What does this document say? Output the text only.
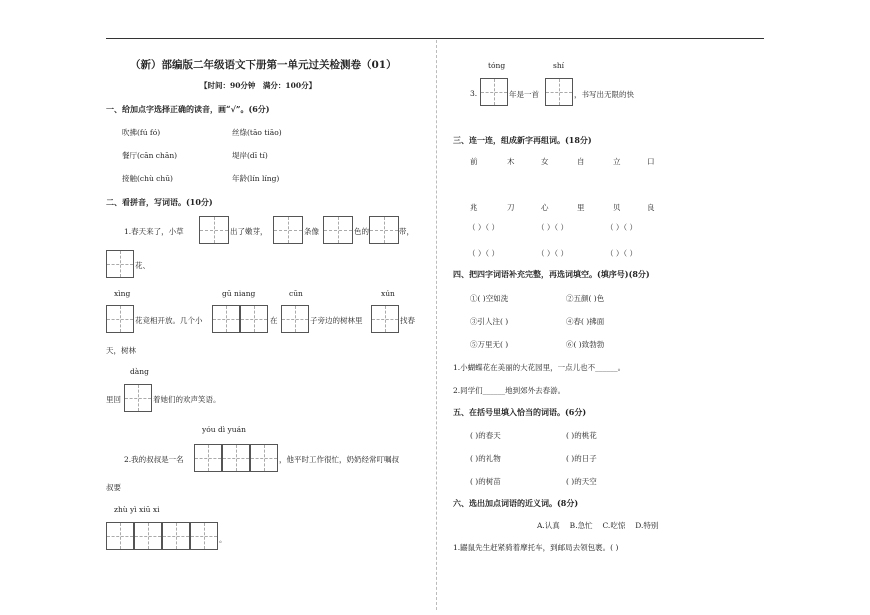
（新）部编版二年级语文下册第一单元过关检测卷（01）
【时间：90分钟　满分：100分】
一、给加点字选择正确的读音，画“√”。(6分)
吹拂(fú fó)	丝绦(tāo tiāo)
餐厅(cān chān)	堤岸(dī tí)
接触(chù chū)	年龄(lín líng)
二、看拼音，写词语。(10分)
1.春天来了，小草	出了嫩芽，	条像	色的	带，
花、
xìng	gū niang	cūn	xún
花竞相开放。几个小	在	子旁边的树林里	找春
天，树林
dàng
里回	着她们的欢声笑语。
yóu dì yuán
2.我的叔叔是一名	，他平时工作很忙，奶奶经常叮嘱叔
叔要
zhù yì xiū xi
。
tóng	shí
3.	年是一首	，书写出无限的快
三、连一连，组成新字再组词。(18分)
前	木	女	自	立	口
兆	刀	心	里	贝	良
（ ）（ ）	（ ）（ ）	（ ）（ ）
（ ）（ ）	（ ）（ ）	（ ）（ ）
四、把四字词语补充完整，再选词填空。(填序号)(8分)
①( )空如洗	②五颜( )色
③引人注( )	④春( )拂面
⑤万里无( )	⑥( )致勃勃
1.小蝴蝶花在美丽的大花园里，一点儿也不______。
2.同学们______地到郊外去春游。
五、在括号里填入恰当的词语。(6分)
( )的春天	( )的桃花
( )的礼物	( )的日子
( )的树苗	( )的天空
六、选出加点词语的近义词。(8分)
A.认真　 B.急忙　 C.吃惊　 D.特别
1.鼹鼠先生赶紧骑着摩托车，到邮局去领包裹。( )
